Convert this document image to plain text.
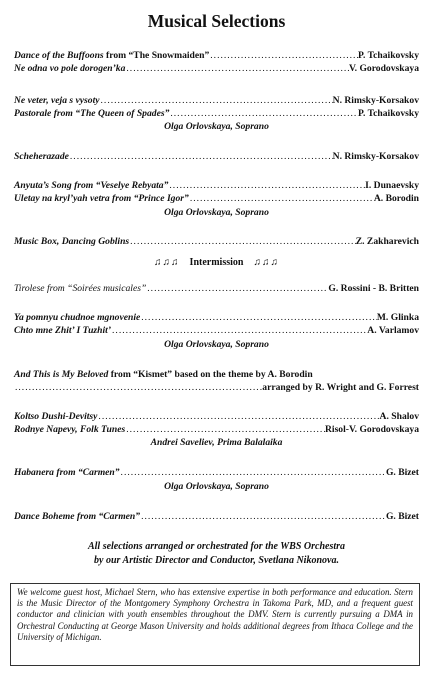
Musical Selections
Dance of the Buffoons from “The Snowmaiden” .....	P. Tchaikovsky
Ne odna vo pole dorogen’ka .....	V. Gorodovskaya
Ne veter, veja s vysoty .....	N. Rimsky-Korsakov
Pastorale from “The Queen of Spades” .....	P. Tchaikovsky
Olga Orlovskaya, Soprano
Scheherazade .....	N. Rimsky-Korsakov
Anyuta’s Song from “Veselye Rebyata” .....	I. Dunaevsky
Uletay na kryl’yah vetra from “Prince Igor” .....	A. Borodin
Olga Orlovskaya, Soprano
Music Box, Dancing Goblins .....	Z. Zakharevich
♫♫♫ Intermission ♫♫♫
Tirolese from “Soirées musicales” .....	G. Rossini - B. Britten
Ya pomnyu chudnoe mgnovenie .....	M. Glinka
Chto mne Zhit’ I Tuzhit’ .....	A. Varlamov
Olga Orlovskaya, Soprano
And This is My Beloved from “Kismet” based on the theme by A. Borodin
.....
arranged by R. Wright and G. Forrest
Koltso Dushi-Devitsy .....	A. Shalov
Rodnye Napevy, Folk Tunes .....	Risol-V. Gorodovskaya
Andrei Saveliev, Prima Balalaika
Habanera from “Carmen” .....	G. Bizet
Olga Orlovskaya, Soprano
Dance Boheme from “Carmen” .....	G. Bizet
All selections arranged or orchestrated for the WBS Orchestra
by our Artistic Director and Conductor, Svetlana Nikonova.
We welcome guest host, Michael Stern, who has extensive expertise in both performance and education. Stern is the Music Director of the Montgomery Symphony Orchestra in Takoma Park, MD, and a frequent guest conductor and clinician with youth ensembles throughout the DMV. Stern is currently pursuing a DMA in Orchestral Conducting at George Mason University and holds additional degrees from Ithaca College and the University of Michigan.
